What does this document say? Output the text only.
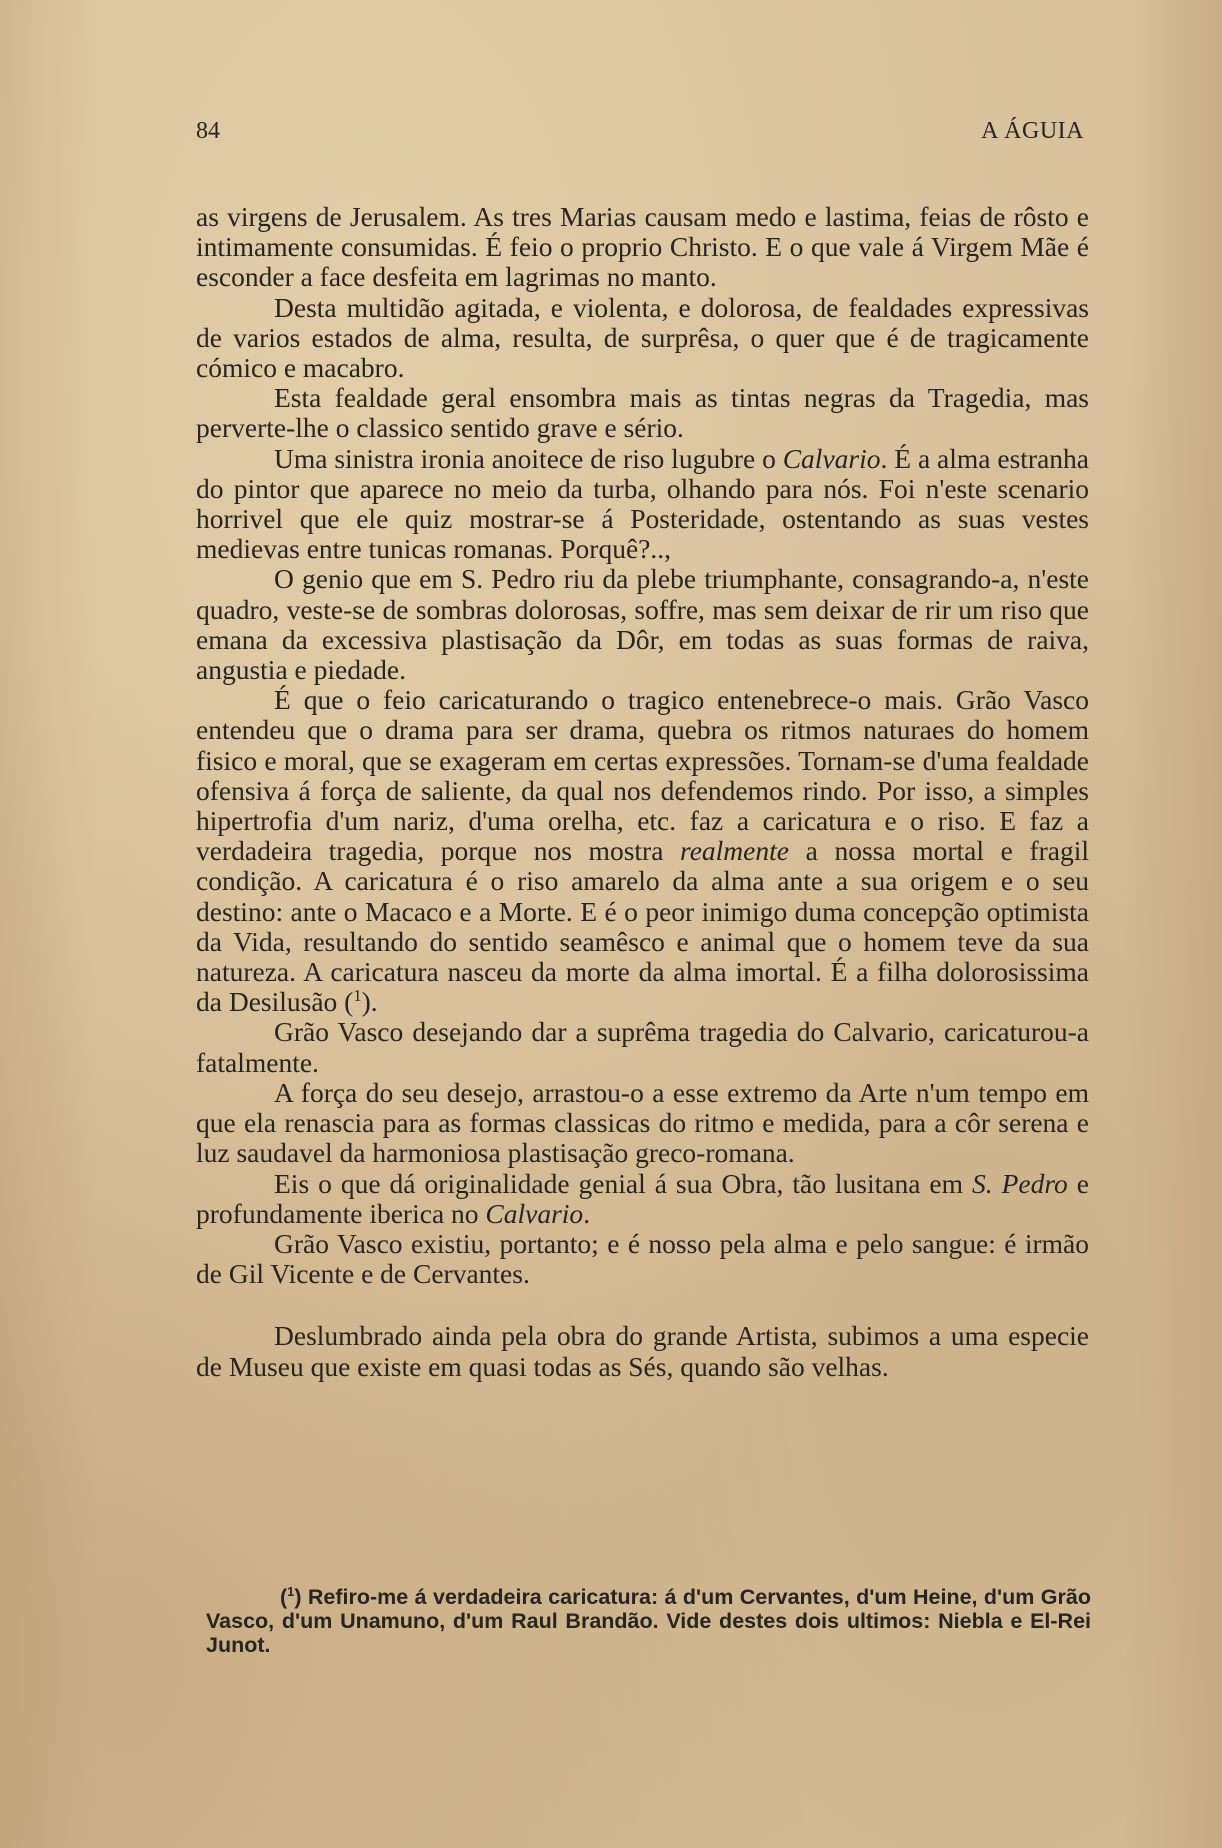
84	A ÁGUIA

as virgens de Jerusalem. As tres Marias causam medo e lastima, feias de rôsto e intimamente consumidas. É feio o proprio Christo. E o que vale á Virgem Mãe é esconder a face desfeita em lagrimas no manto.

Desta multidão agitada, e violenta, e dolorosa, de fealdades expressivas de varios estados de alma, resulta, de surprêsa, o quer que é de tragicamente cómico e macabro.

Esta fealdade geral ensombra mais as tintas negras da Tragedia, mas perverte-lhe o classico sentido grave e sério.

Uma sinistra ironia anoitece de riso lugubre o Calvario. É a alma estranha do pintor que aparece no meio da turba, olhando para nós. Foi n'este scenario horrivel que ele quiz mostrar-se á Posteridade, ostentando as suas vestes medievas entre tunicas romanas. Porquê?..,

O genio que em S. Pedro riu da plebe triumphante, consagrando-a, n'este quadro, veste-se de sombras dolorosas, soffre, mas sem deixar de rir um riso que emana da excessiva plastisação da Dôr, em todas as suas formas de raiva, angustia e piedade.

É que o feio caricaturando o tragico entenebrece-o mais. Grão Vasco entendeu que o drama para ser drama, quebra os ritmos naturaes do homem fisico e moral, que se exageram em certas expressões. Tornam-se d'uma fealdade ofensiva á força de saliente, da qual nos defendemos rindo. Por isso, a simples hipertrofia d'um nariz, d'uma orelha, etc. faz a caricatura e o riso. E faz a verdadeira tragedia, porque nos mostra realmente a nossa mortal e fragil condição. A caricatura é o riso amarelo da alma ante a sua origem e o seu destino: ante o Macaco e a Morte. E é o peor inimigo duma concepção optimista da Vida, resultando do sentido seamêsco e animal que o homem teve da sua natureza. A caricatura nasceu da morte da alma imortal. É a filha dolorosissima da Desilusão ($^1$).

Grão Vasco desejando dar a suprêma tragedia do Calvario, caricaturou-a fatalmente.

A força do seu desejo, arrastou-o a esse extremo da Arte n'um tempo em que ela renascia para as formas classicas do ritmo e medida, para a côr serena e luz saudavel da harmoniosa plastisação greco-romana.

Eis o que dá originalidade genial á sua Obra, tão lusitana em S. Pedro e profundamente iberica no Calvario.

Grão Vasco existiu, portanto; e é nosso pela alma e pelo sangue: é irmão de Gil Vicente e de Cervantes.

Deslumbrado ainda pela obra do grande Artista, subimos a uma especie de Museu que existe em quasi todas as Sés, quando são velhas.

($^1$) Refiro-me á verdadeira caricatura: á d'um Cervantes, d'um Heine, d'um Grão Vasco, d'um Unamuno, d'um Raul Brandão. Vide destes dois ultimos: Niebla e El-Rei Junot.
